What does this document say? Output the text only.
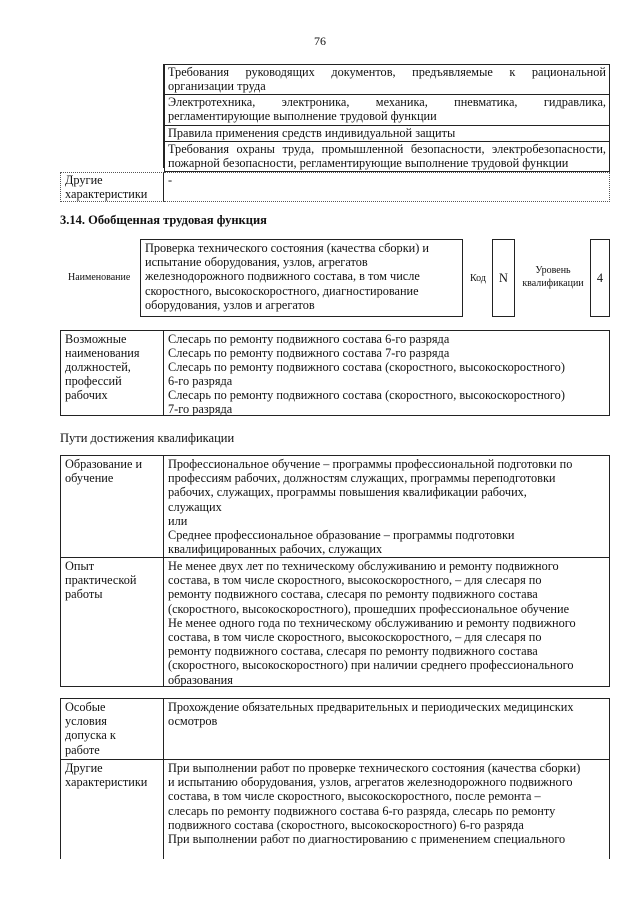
76
Требования руководящих документов, предъявляемые к рациональной
организации труда
Электротехника, электроника, механика, пневматика, гидравлика,
регламентирующие выполнение трудовой функции
Правила применения средств индивидуальной защиты
Требования охраны труда, промышленной безопасности, электробезопасности,
пожарной безопасности, регламентирующие выполнение трудовой функции
Другие
характеристики
-
3.14. Обобщенная трудовая функция
Наименование
Проверка технического состояния (качества сборки) и
испытание оборудования, узлов, агрегатов
железнодорожного подвижного состава, в том числе
скоростного, высокоскоростного, диагностирование
оборудования, узлов и агрегатов
Код N
Уровень
квалификации	4
Возможные
наименования
должностей,
профессий
рабочих
Слесарь по ремонту подвижного состава 6-го разряда
Слесарь по ремонту подвижного состава 7-го разряда
Слесарь по ремонту подвижного состава (скоростного, высокоскоростного)
6-го разряда
Слесарь по ремонту подвижного состава (скоростного, высокоскоростного)
7-го разряда
Пути достижения квалификации
Образование и
обучение
Профессиональное обучение – программы профессиональной подготовки по
профессиям рабочих, должностям служащих, программы переподготовки
рабочих, служащих, программы повышения квалификации рабочих,
служащих
или
Среднее профессиональное образование – программы подготовки
квалифицированных рабочих, служащих
Опыт
практической
работы
Не менее двух лет по техническому обслуживанию и ремонту подвижного
состава, в том числе скоростного, высокоскоростного, – для слесаря по
ремонту подвижного состава, слесаря по ремонту подвижного состава
(скоростного, высокоскоростного), прошедших профессиональное обучение
Не менее одного года по техническому обслуживанию и ремонту подвижного
состава, в том числе скоростного, высокоскоростного, – для слесаря по
ремонту подвижного состава, слесаря по ремонту подвижного состава
(скоростного, высокоскоростного) при наличии среднего профессионального
образования
Особые
условия
допуска к
работе
Прохождение обязательных предварительных и периодических медицинских
осмотров
Другие
характеристики
При выполнении работ по проверке технического состояния (качества сборки)
и испытанию оборудования, узлов, агрегатов железнодорожного подвижного
состава, в том числе скоростного, высокоскоростного, после ремонта –
слесарь по ремонту подвижного состава 6-го разряда, слесарь по ремонту
подвижного состава (скоростного, высокоскоростного) 6-го разряда
При выполнении работ по диагностированию с применением специального
